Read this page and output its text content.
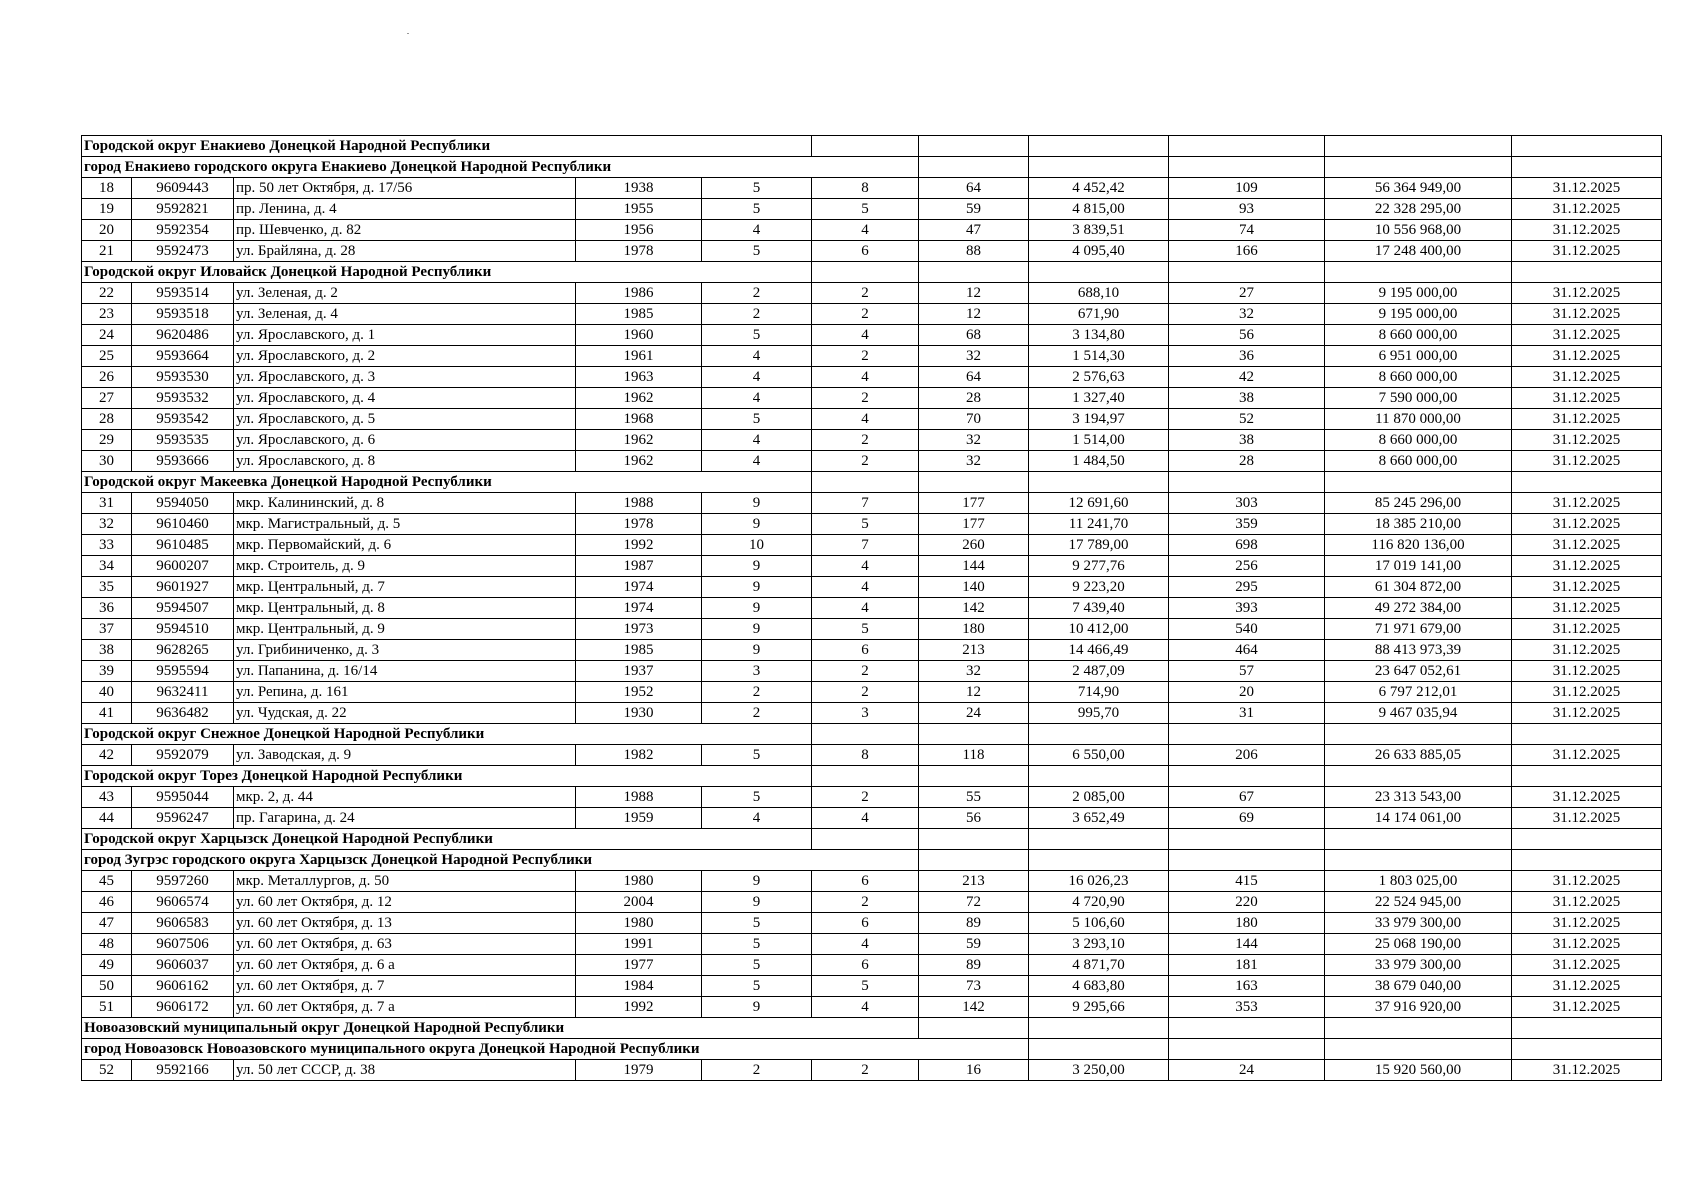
Городской округ Енакиево Донецкой Народной Республики										
город Енакиево городского округа Енакиево Донецкой Народной Республики										
18	9609443	пр. 50 лет Октября, д. 17/56	1938	5	8	64	4 452,42	109	56 364 949,00	31.12.2025
19	9592821	пр. Ленина, д. 4	1955	5	5	59	4 815,00	93	22 328 295,00	31.12.2025
20	9592354	пр. Шевченко, д. 82	1956	4	4	47	3 839,51	74	10 556 968,00	31.12.2025
21	9592473	ул. Брайляна, д. 28	1978	5	6	88	4 095,40	166	17 248 400,00	31.12.2025
Городской округ Иловайск Донецкой Народной Республики										
22	9593514	ул. Зеленая, д. 2	1986	2	2	12	688,10	27	9 195 000,00	31.12.2025
23	9593518	ул. Зеленая, д. 4	1985	2	2	12	671,90	32	9 195 000,00	31.12.2025
24	9620486	ул. Ярославского, д. 1	1960	5	4	68	3 134,80	56	8 660 000,00	31.12.2025
25	9593664	ул. Ярославского, д. 2	1961	4	2	32	1 514,30	36	6 951 000,00	31.12.2025
26	9593530	ул. Ярославского, д. 3	1963	4	4	64	2 576,63	42	8 660 000,00	31.12.2025
27	9593532	ул. Ярославского, д. 4	1962	4	2	28	1 327,40	38	7 590 000,00	31.12.2025
28	9593542	ул. Ярославского, д. 5	1968	5	4	70	3 194,97	52	11 870 000,00	31.12.2025
29	9593535	ул. Ярославского, д. 6	1962	4	2	32	1 514,00	38	8 660 000,00	31.12.2025
30	9593666	ул. Ярославского, д. 8	1962	4	2	32	1 484,50	28	8 660 000,00	31.12.2025
Городской округ Макеевка Донецкой Народной Республики										
31	9594050	мкр. Калининский, д. 8	1988	9	7	177	12 691,60	303	85 245 296,00	31.12.2025
32	9610460	мкр. Магистральный, д. 5	1978	9	5	177	11 241,70	359	18 385 210,00	31.12.2025
33	9610485	мкр. Первомайский, д. 6	1992	10	7	260	17 789,00	698	116 820 136,00	31.12.2025
34	9600207	мкр. Строитель, д. 9	1987	9	4	144	9 277,76	256	17 019 141,00	31.12.2025
35	9601927	мкр. Центральный, д. 7	1974	9	4	140	9 223,20	295	61 304 872,00	31.12.2025
36	9594507	мкр. Центральный, д. 8	1974	9	4	142	7 439,40	393	49 272 384,00	31.12.2025
37	9594510	мкр. Центральный, д. 9	1973	9	5	180	10 412,00	540	71 971 679,00	31.12.2025
38	9628265	ул. Грибиниченко, д. 3	1985	9	6	213	14 466,49	464	88 413 973,39	31.12.2025
39	9595594	ул. Папанина, д. 16/14	1937	3	2	32	2 487,09	57	23 647 052,61	31.12.2025
40	9632411	ул. Репина, д. 161	1952	2	2	12	714,90	20	6 797 212,01	31.12.2025
41	9636482	ул. Чудская, д. 22	1930	2	3	24	995,70	31	9 467 035,94	31.12.2025
Городской округ Снежное Донецкой Народной Республики										
42	9592079	ул. Заводская, д. 9	1982	5	8	118	6 550,00	206	26 633 885,05	31.12.2025
Городской округ Торез Донецкой Народной Республики										
43	9595044	мкр. 2, д. 44	1988	5	2	55	2 085,00	67	23 313 543,00	31.12.2025
44	9596247	пр. Гагарина, д. 24	1959	4	4	56	3 652,49	69	14 174 061,00	31.12.2025
Городской округ Харцызск Донецкой Народной Республики										
город Зугрэс городского округа Харцызск Донецкой Народной Республики										
45	9597260	мкр. Металлургов, д. 50	1980	9	6	213	16 026,23	415	1 803 025,00	31.12.2025
46	9606574	ул. 60 лет Октября, д. 12	2004	9	2	72	4 720,90	220	22 524 945,00	31.12.2025
47	9606583	ул. 60 лет Октября, д. 13	1980	5	6	89	5 106,60	180	33 979 300,00	31.12.2025
48	9607506	ул. 60 лет Октября, д. 63	1991	5	4	59	3 293,10	144	25 068 190,00	31.12.2025
49	9606037	ул. 60 лет Октября, д. 6 а	1977	5	6	89	4 871,70	181	33 979 300,00	31.12.2025
50	9606162	ул. 60 лет Октября, д. 7	1984	5	5	73	4 683,80	163	38 679 040,00	31.12.2025
51	9606172	ул. 60 лет Октября, д. 7 а	1992	9	4	142	9 295,66	353	37 916 920,00	31.12.2025
Новоазовский муниципальный округ Донецкой Народной Республики										
город Новоазовск Новоазовского муниципального округа Донецкой Народной Республики										
52	9592166	ул. 50 лет СССР, д. 38	1979	2	2	16	3 250,00	24	15 920 560,00	31.12.2025
